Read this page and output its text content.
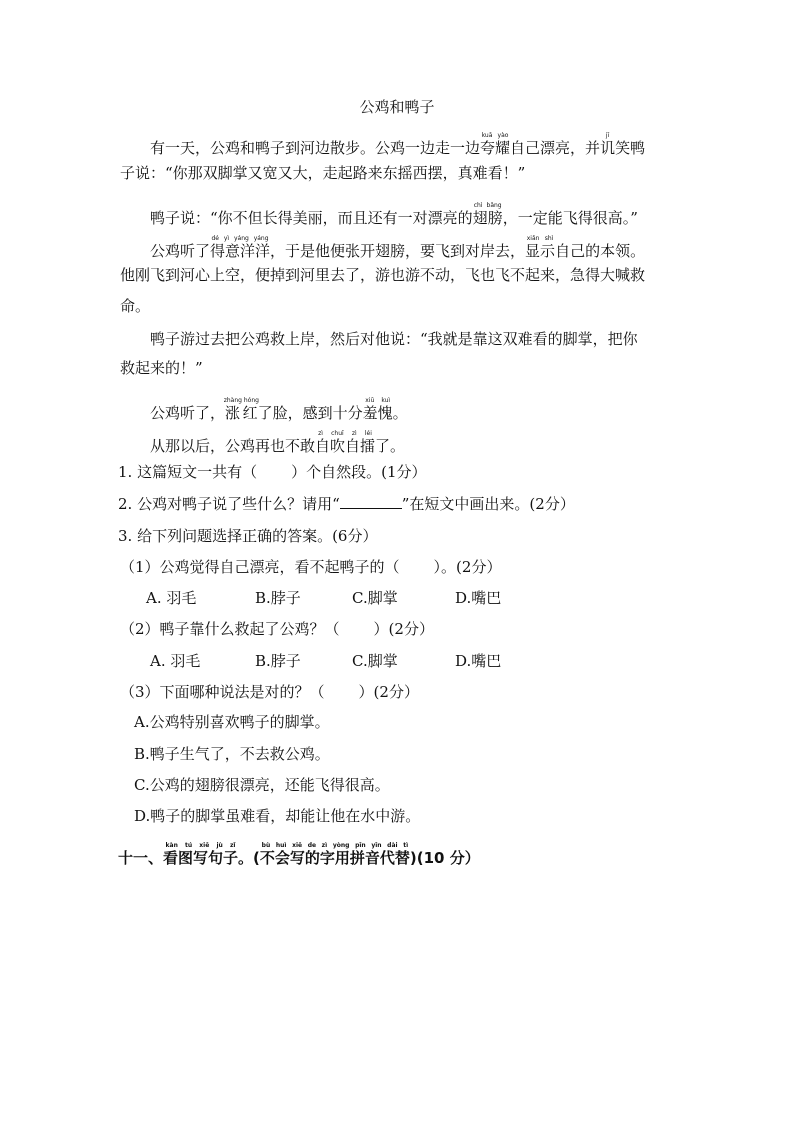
公鸡和鸭子
有一天，公鸡和鸭子到河边散步。公鸡一边走一边夸耀kuā yào自己漂亮，并讥jī笑鸭
子说：“你那双脚掌又宽又大，走起路来东摇西摆，真难看！”
鸭子说：“你不但长得美丽，而且还有一对漂亮的翅膀chì bǎng，一定能飞得很高。”
公鸡听了得意洋洋dé yì yáng yáng，于是他便张开翅膀，要飞到对岸去，显示xiǎn shì自己的本领。
他刚飞到河心上空，便掉到河里去了，游也游不动，飞也飞不起来，急得大喊救
命。
鸭子游过去把公鸡救上岸，然后对他说：“我就是靠这双难看的脚掌，把你
救起来的！”
公鸡听了，涨红zhàng hóng了脸，感到十分羞愧xiū kuì。
从那以后，公鸡再也不敢自吹自擂zì chuī zì léi了。
1. 这篇短文一共有（ ）个自然段。(1分）
2. 公鸡对鸭子说了些什么？请用“	”在短文中画出来。(2分）
3. 给下列问题选择正确的答案。(6分）
（1）公鸡觉得自己漂亮，看不起鸭子的（ ）。(2分）
A. 羽毛	B.脖子	C.脚掌	D.嘴巴
（2）鸭子靠什么救起了公鸡？（ ）(2分）
A. 羽毛	B.脖子	C.脚掌	D.嘴巴
（3）下面哪种说法是对的？（ ）(2分）
A.公鸡特别喜欢鸭子的脚掌。
B.鸭子生气了，不去救公鸡。
C.公鸡的翅膀很漂亮，还能飞得很高。
D.鸭子的脚掌虽难看，却能让他在水中游。
十一、看图写句子kàn tú xiě jù zǐ。(不会写的字用拼音代替bù huì xiě de zì yòng pīn yīn dài tì)(10 分）
